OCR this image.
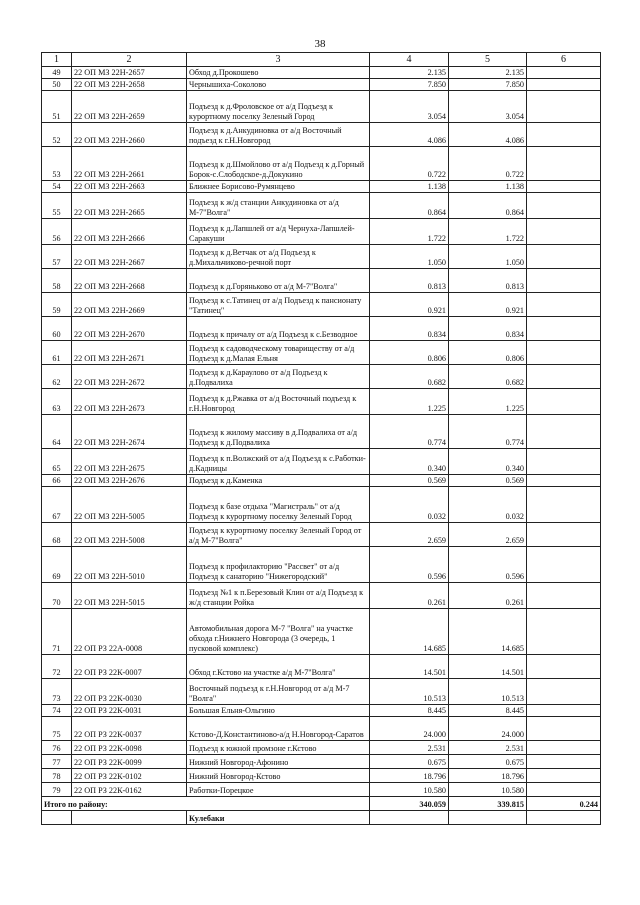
38
1	2	3	4	5	6
49	22 ОП МЗ 22Н-2657	Обход д.Прокошево	2.135	2.135	
50	22 ОП МЗ 22Н-2658	Чернышиха-Соколово	7.850	7.850	
51	22 ОП МЗ 22Н-2659	Подъезд к д.Фроловское от а/д Подъезд к курортному поселку Зеленый Город	3.054	3.054	
52	22 ОП МЗ 22Н-2660	Подъезд к д.Анкудиновка от а/д Восточный подъезд к г.Н.Новгород	4.086	4.086	
53	22 ОП МЗ 22Н-2661	Подъезд к д.Шмойлово от а/д Подъезд к д.Горный Борок-с.Слободское-д.Докукино	0.722	0.722	
54	22 ОП МЗ 22Н-2663	Ближнее Борисово-Румянцево	1.138	1.138	
55	22 ОП МЗ 22Н-2665	Подъезд к ж/д станции Анкудиновка от а/д М-7"Волга"	0.864	0.864	
56	22 ОП МЗ 22Н-2666	Подъезд к д.Лапшлей от а/д Чернуха-Лапшлей-Саракуши	1.722	1.722	
57	22 ОП МЗ 22Н-2667	Подъезд к д.Ветчак от а/д Подъезд к д.Михальчиково-речной порт	1.050	1.050	
58	22 ОП МЗ 22Н-2668	Подъезд к д.Горяньково от а/д М-7"Волга"	0.813	0.813	
59	22 ОП МЗ 22Н-2669	Подъезд к с.Татинец от а/д Подъезд к пансионату "Татинец"	0.921	0.921	
60	22 ОП МЗ 22Н-2670	Подъезд к причалу от а/д Подъезд к с.Безводное	0.834	0.834	
61	22 ОП МЗ 22Н-2671	Подъезд к садоводческому товариществу от а/д Подъезд к д.Малая Ельня	0.806	0.806	
62	22 ОП МЗ 22Н-2672	Подъезд к д.Караулово от а/д Подъезд к д.Подвалиха	0.682	0.682	
63	22 ОП МЗ 22Н-2673	Подъезд к д.Ржавка от а/д Восточный подъезд к г.Н.Новгород	1.225	1.225	
64	22 ОП МЗ 22Н-2674	Подъезд к жилому массиву в д.Подвалиха от а/д Подъезд к д.Подвалиха	0.774	0.774	
65	22 ОП МЗ 22Н-2675	Подъезд к п.Волжский от а/д Подъезд к с.Работки-д.Кадницы	0.340	0.340	
66	22 ОП МЗ 22Н-2676	Подъезд к д.Каменка	0.569	0.569	
67	22 ОП МЗ 22Н-5005	Подъезд к базе отдыха "Магистраль" от а/д Подъезд к курортному поселку Зеленый Город	0.032	0.032	
68	22 ОП МЗ 22Н-5008	Подъезд к курортному поселку Зеленый Город от а/д М-7"Волга"	2.659	2.659	
69	22 ОП МЗ 22Н-5010	Подъезд к профилакторию "Рассвет" от а/д Подъезд к санаторию "Нижегородский"	0.596	0.596	
70	22 ОП МЗ 22Н-5015	Подъезд №1 к п.Березовый Клин от а/д Подъезд к ж/д станции Ройка	0.261	0.261	
71	22 ОП РЗ 22А-0008	Автомобильная дорога М-7 "Волга" на участке обхода г.Нижнего Новгорода (3 очередь, 1 пусковой комплекс)	14.685	14.685	
72	22 ОП РЗ 22К-0007	Обход г.Кстово на участке а/д М-7"Волга"	14.501	14.501	
73	22 ОП РЗ 22К-0030	Восточный подъезд к г.Н.Новгород от а/д М-7 "Волга"	10.513	10.513	
74	22 ОП РЗ 22К-0031	Большая Ельня-Ольгино	8.445	8.445	
75	22 ОП РЗ 22К-0037	Кстово-Д.Константиново-а/д Н.Новгород-Саратов	24.000	24.000	
76	22 ОП РЗ 22К-0098	Подъезд к южной промзоне г.Кстово	2.531	2.531	
77	22 ОП РЗ 22К-0099	Нижний Новгород-Афонино	0.675	0.675	
78	22 ОП РЗ 22К-0102	Нижний Новгород-Кстово	18.796	18.796	
79	22 ОП РЗ 22К-0162	Работки-Порецкое	10.580	10.580	
Итого по району:			340.059	339.815	0.244
		Кулебаки			
